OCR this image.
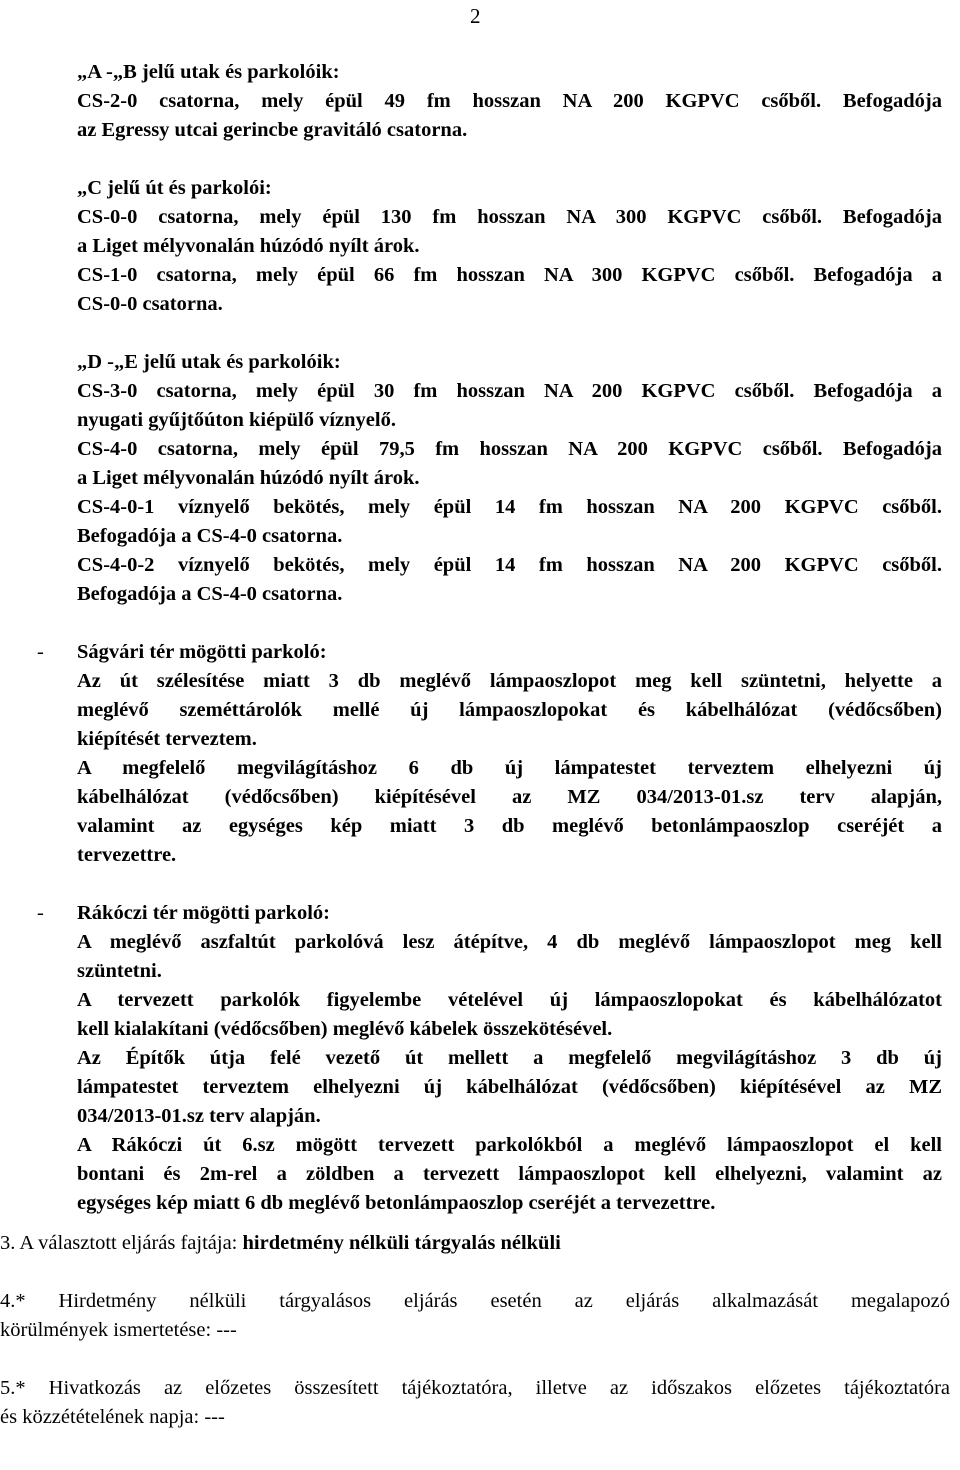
2

„A -„B jelű utak és parkolóik:

CS-2-0 csatorna, mely épül 49 fm hosszan NA 200 KGPVC csőből. Befogadója

az Egressy utcai gerincbe gravitáló csatorna.

„C jelű út és parkolói:

CS-0-0 csatorna, mely épül 130 fm hosszan NA 300 KGPVC csőből. Befogadója

a Liget mélyvonalán húzódó nyílt árok.

CS-1-0 csatorna, mely épül 66 fm hosszan NA 300 KGPVC csőből. Befogadója a

CS-0-0 csatorna.

„D -„E jelű utak és parkolóik:

CS-3-0 csatorna, mely épül 30 fm hosszan NA 200 KGPVC csőből. Befogadója a

nyugati gyűjtőúton kiépülő víznyelő.

CS-4-0 csatorna, mely épül 79,5 fm hosszan NA 200 KGPVC csőből. Befogadója

a Liget mélyvonalán húzódó nyílt árok.

CS-4-0-1 víznyelő bekötés, mely épül 14 fm hosszan NA 200 KGPVC csőből.

Befogadója a CS-4-0 csatorna.

CS-4-0-2 víznyelő bekötés, mely épül 14 fm hosszan NA 200 KGPVC csőből.

Befogadója a CS-4-0 csatorna.

- Ságvári tér mögötti parkoló:

Az út szélesítése miatt 3 db meglévő lámpaoszlopot meg kell szüntetni, helyette a

meglévő szeméttárolók mellé új lámpaoszlopokat és kábelhálózat (védőcsőben)

kiépítését terveztem.

A megfelelő megvilágításhoz 6 db új lámpatestet terveztem elhelyezni új

kábelhálózat (védőcsőben) kiépítésével az MZ 034/2013-01.sz terv alapján,

valamint az egységes kép miatt 3 db meglévő betonlámpaoszlop cseréjét a

tervezettre.

- Rákóczi tér mögötti parkoló:

A meglévő aszfaltút parkolóvá lesz átépítve, 4 db meglévő lámpaoszlopot meg kell

szüntetni.

A tervezett parkolók figyelembe vételével új lámpaoszlopokat és kábelhálózatot

kell kialakítani (védőcsőben) meglévő kábelek összekötésével.

Az Építők útja felé vezető út mellett a megfelelő megvilágításhoz 3 db új

lámpatestet terveztem elhelyezni új kábelhálózat (védőcsőben) kiépítésével az MZ

034/2013-01.sz terv alapján.

A Rákóczi út 6.sz mögött tervezett parkolókból a meglévő lámpaoszlopot el kell

bontani és 2m-rel a zöldben a tervezett lámpaoszlopot kell elhelyezni, valamint az

egységes kép miatt 6 db meglévő betonlámpaoszlop cseréjét a tervezettre.

3. A választott eljárás fajtája: hirdetmény nélküli tárgyalás nélküli

4.* Hirdetmény nélküli tárgyalásos eljárás esetén az eljárás alkalmazását megalapozó

körülmények ismertetése: ---

5.* Hivatkozás az előzetes összesített tájékoztatóra, illetve az időszakos előzetes tájékoztatóra

és közzétételének napja: ---
